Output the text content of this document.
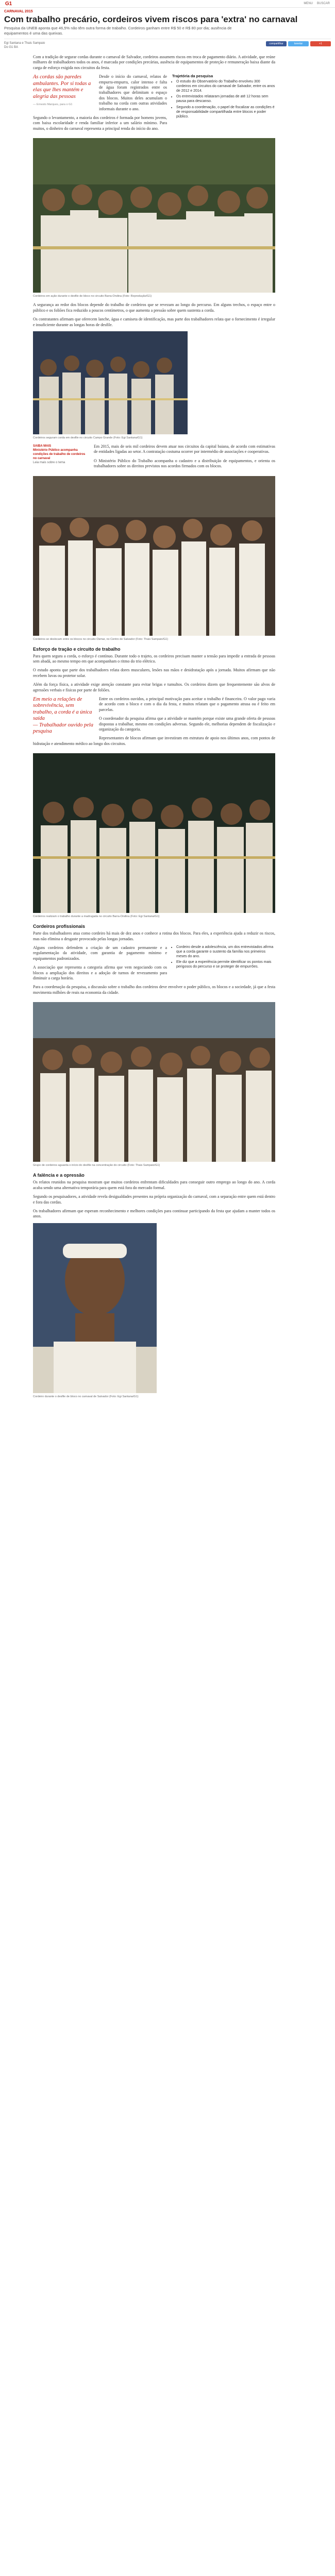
G1	MENU BUSCAR
CARNAVAL 2015
Com trabalho precário, cordeiros vivem riscos para 'extra' no carnaval
Pesquisa da UNEB aponta que 46,5% não têm outra forma de trabalho. Cordeiros ganham entre R$ 50 e R$ 80 por dia; ausência de equipamentos é uma das queixas.
Egi Santana e Thais Sampaio
Do G1 BA
compartilhar	tweetar	+1

Com a tradição de segurar cordas durante o carnaval de Salvador, cordeiros assumem riscos em troca de pagamento diário. A atividade, que reúne milhares de trabalhadores todos os anos, é marcada por condições precárias, ausência de equipamentos de proteção e remuneração baixa diante da carga de esforço exigida nos circuitos da festa.

As cordas são paredes ambulantes. Por si todas a elas que lhes mantém e alegria das pessoas
— Ernesto Marques, para o G1
Trajetória da pesquisa
• O estudo do Observatório do Trabalho envolveu 300 cordeiros em circuitos do carnaval de Salvador, entre os anos de 2012 e 2014.
• Os entrevistados relataram jornadas de até 12 horas sem pausa para descanso.
• Segundo a coordenação, o papel de fiscalizar as condições é de responsabilidade compartilhada entre blocos e poder público.

Desde o início do carnaval, relatos de empurra-empurra, calor intenso e falta de água foram registrados entre os trabalhadores que delimitam o espaço dos blocos. Muitos deles acumulam o trabalho na corda com outras atividades informais durante o ano.

Segundo o levantamento, a maioria dos cordeiros é formada por homens jovens, com baixa escolaridade e renda familiar inferior a um salário mínimo. Para muitos, o dinheiro do carnaval representa a principal renda do início do ano.

Cordeiros em ação durante o desfile de bloco no circuito Barra-Ondina (Foto: Reprodução/G1)

A segurança ao redor dos blocos depende do trabalho de cordeiros que se revezam ao longo do percurso. Em alguns trechos, o espaço entre o público e os foliões fica reduzido a poucos centímetros, o que aumenta a pressão sobre quem sustenta a corda.

Os contratantes afirmam que oferecem lanche, água e camiseta de identificação, mas parte dos trabalhadores relata que o fornecimento é irregular e insuficiente durante as longas horas de desfile.

Cordeiros seguram corda em desfile no circuito Campo Grande (Foto: Egi Santana/G1)
SAIBA MAIS
Ministério Público acompanha condições de trabalho de cordeiros no carnaval
Leia mais sobre o tema

Em 2015, mais de seis mil cordeiros devem atuar nos circuitos da capital baiana, de acordo com estimativas de entidades ligadas ao setor. A contratação costuma ocorrer por intermédio de associações e cooperativas.

O Ministério Público do Trabalho acompanha o cadastro e a distribuição de equipamentos, e orienta os trabalhadores sobre os direitos previstos nos acordos firmados com os blocos.

Cordeiros se deslocam entre os blocos no circuito Osmar, no Centro de Salvador (Foto: Thais Sampaio/G1)
Esforço de tração e circuito de trabalho

Para quem segura a corda, o esforço é contínuo. Durante todo o trajeto, os cordeiros precisam manter a tensão para impedir a entrada de pessoas sem abadá, ao mesmo tempo em que acompanham o ritmo do trio elétrico.

O estudo aponta que parte dos trabalhadores relata dores musculares, lesões nas mãos e desidratação após a jornada. Muitos afirmam que não recebem luvas ou protetor solar.

Além da força física, a atividade exige atenção constante para evitar brigas e tumultos. Os cordeiros dizem que frequentemente são alvos de agressões verbais e físicas por parte de foliões.

Em meio a relações de sobrevivência, sem trabalho, a corda é a única saída
— Trabalhador ouvido pela pesquisa

Entre os cordeiros ouvidos, a principal motivação para aceitar o trabalho é financeira. O valor pago varia de acordo com o bloco e com o dia da festa, e muitos relatam que o pagamento atrasa ou é feito em parcelas.

O coordenador da pesquisa afirma que a atividade se mantém porque existe uma grande oferta de pessoas dispostas a trabalhar, mesmo em condições adversas. Segundo ele, melhorias dependem de fiscalização e organização da categoria.

Representantes de blocos afirmam que investiram em estrutura de apoio nos últimos anos, com pontos de hidratação e atendimento médico ao longo dos circuitos.

Cordeiros realizam o trabalho durante a madrugada no circuito Barra-Ondina (Foto: Egi Santana/G1)
Cordeiros profissionais

Parte dos trabalhadores atua como cordeiro há mais de dez anos e conhece a rotina dos blocos. Para eles, a experiência ajuda a reduzir os riscos, mas não elimina o desgaste provocado pelas longas jornadas.

• Cordeiro desde a adolescência, um dos entrevistados afirma que a corda garante o sustento da família nos primeiros meses do ano.
• Ele diz que a experiência permite identificar os pontos mais perigosos do percurso e se proteger de empurrões.

Alguns cordeiros defendem a criação de um cadastro permanente e a regulamentação da atividade, com garantia de pagamento mínimo e equipamentos padronizados.

A associação que representa a categoria afirma que vem negociando com os blocos a ampliação dos direitos e a adoção de turnos de revezamento para diminuir a carga horária.

Para a coordenação da pesquisa, a discussão sobre o trabalho dos cordeiros deve envolver o poder público, os blocos e a sociedade, já que a festa movimenta milhões de reais na economia da cidade.

Grupo de cordeiros aguarda o início do desfile na concentração do circuito (Foto: Thais Sampaio/G1)
A falência e a opressão

Os relatos reunidos na pesquisa mostram que muitos cordeiros enfrentam dificuldades para conseguir outro emprego ao longo do ano. A corda acaba sendo uma alternativa temporária para quem está fora do mercado formal.

Segundo os pesquisadores, a atividade revela desigualdades presentes na própria organização do carnaval, com a separação entre quem está dentro e fora das cordas.

Os trabalhadores afirmam que esperam reconhecimento e melhores condições para continuar participando da festa que ajudam a manter todos os anos.

Cordeiro durante o desfile de bloco no carnaval de Salvador (Foto: Egi Santana/G1)
